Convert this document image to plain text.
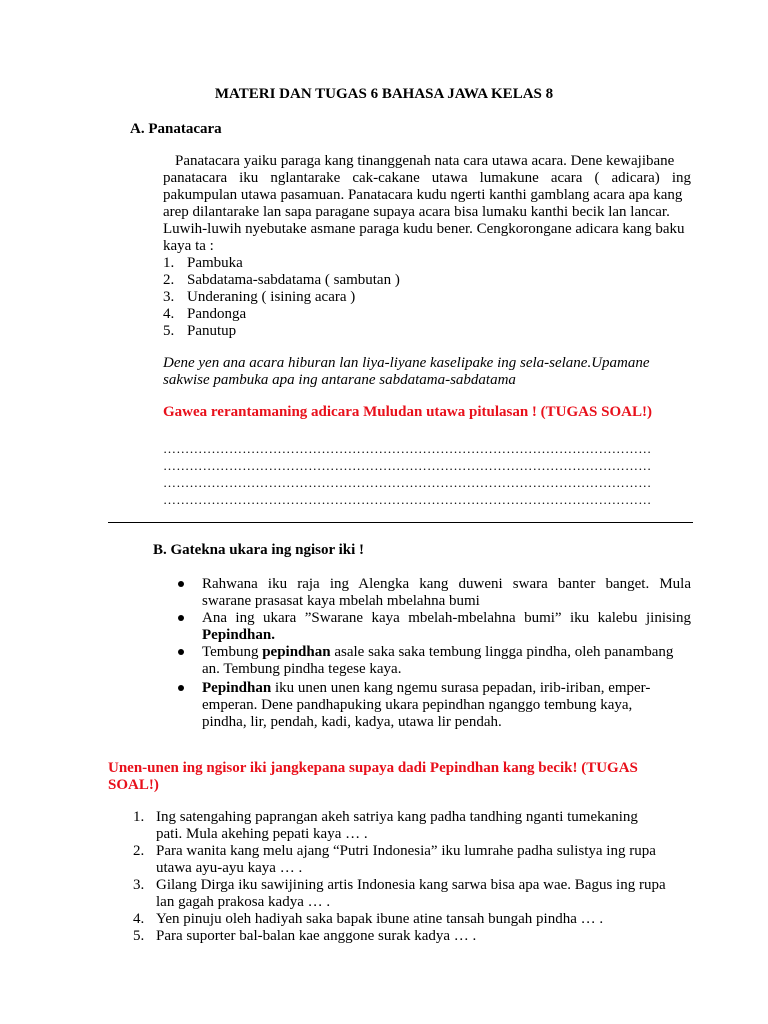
MATERI DAN TUGAS 6 BAHASA JAWA KELAS 8
A. Panatacara
Panatacara yaiku paraga kang tinanggenah nata cara utawa acara. Dene kewajibane
panatacara iku nglantarake cak-cakane utawa lumakune acara ( adicara) ing
pakumpulan utawa pasamuan. Panatacara kudu ngerti kanthi gamblang acara apa kang
arep dilantarake lan sapa paragane supaya acara bisa lumaku kanthi becik lan lancar.
Luwih-luwih nyebutake asmane paraga kudu bener. Cengkorongane adicara kang baku
kaya ta :
1. Pambuka
2. Sabdatama-sabdatama ( sambutan )
3. Underaning ( isining acara )
4. Pandonga
5. Panutup
Dene yen ana acara hiburan lan liya-liyane kaselipake ing sela-selane.Upamane
sakwise pambuka apa ing antarane sabdatama-sabdatama
Gawea rerantamaning adicara Muludan utawa pitulasan ! (TUGAS SOAL!)
…………………………………………………………………………………………………
…………………………………………………………………………………………………
…………………………………………………………………………………………………
…………………………………………………………………………………………………
B. Gatekna ukara ing ngisor iki !
Rahwana iku raja ing Alengka kang duweni swara banter banget. Mula
swarane prasasat kaya mbelah mbelahna bumi
Ana ing ukara ”Swarane kaya mbelah-mbelahna bumi” iku kalebu jinising
Pepindhan.
Tembung pepindhan asale saka saka tembung lingga pindha, oleh panambang
an. Tembung pindha tegese kaya.
Pepindhan iku unen unen kang ngemu surasa pepadan, irib-iriban, emper-
emperan. Dene pandhapuking ukara pepindhan nganggo tembung kaya,
pindha, lir, pendah, kadi, kadya, utawa lir pendah.
Unen-unen ing ngisor iki jangkepana supaya dadi Pepindhan kang becik! (TUGAS
SOAL!)
1. Ing satengahing paprangan akeh satriya kang padha tandhing nganti tumekaning
pati. Mula akehing pepati kaya … .
2. Para wanita kang melu ajang “Putri Indonesia” iku lumrahe padha sulistya ing rupa
utawa ayu-ayu kaya … .
3. Gilang Dirga iku sawijining artis Indonesia kang sarwa bisa apa wae. Bagus ing rupa
lan gagah prakosa kadya … .
4. Yen pinuju oleh hadiyah saka bapak ibune atine tansah bungah pindha … .
5. Para suporter bal-balan kae anggone surak kadya … .
